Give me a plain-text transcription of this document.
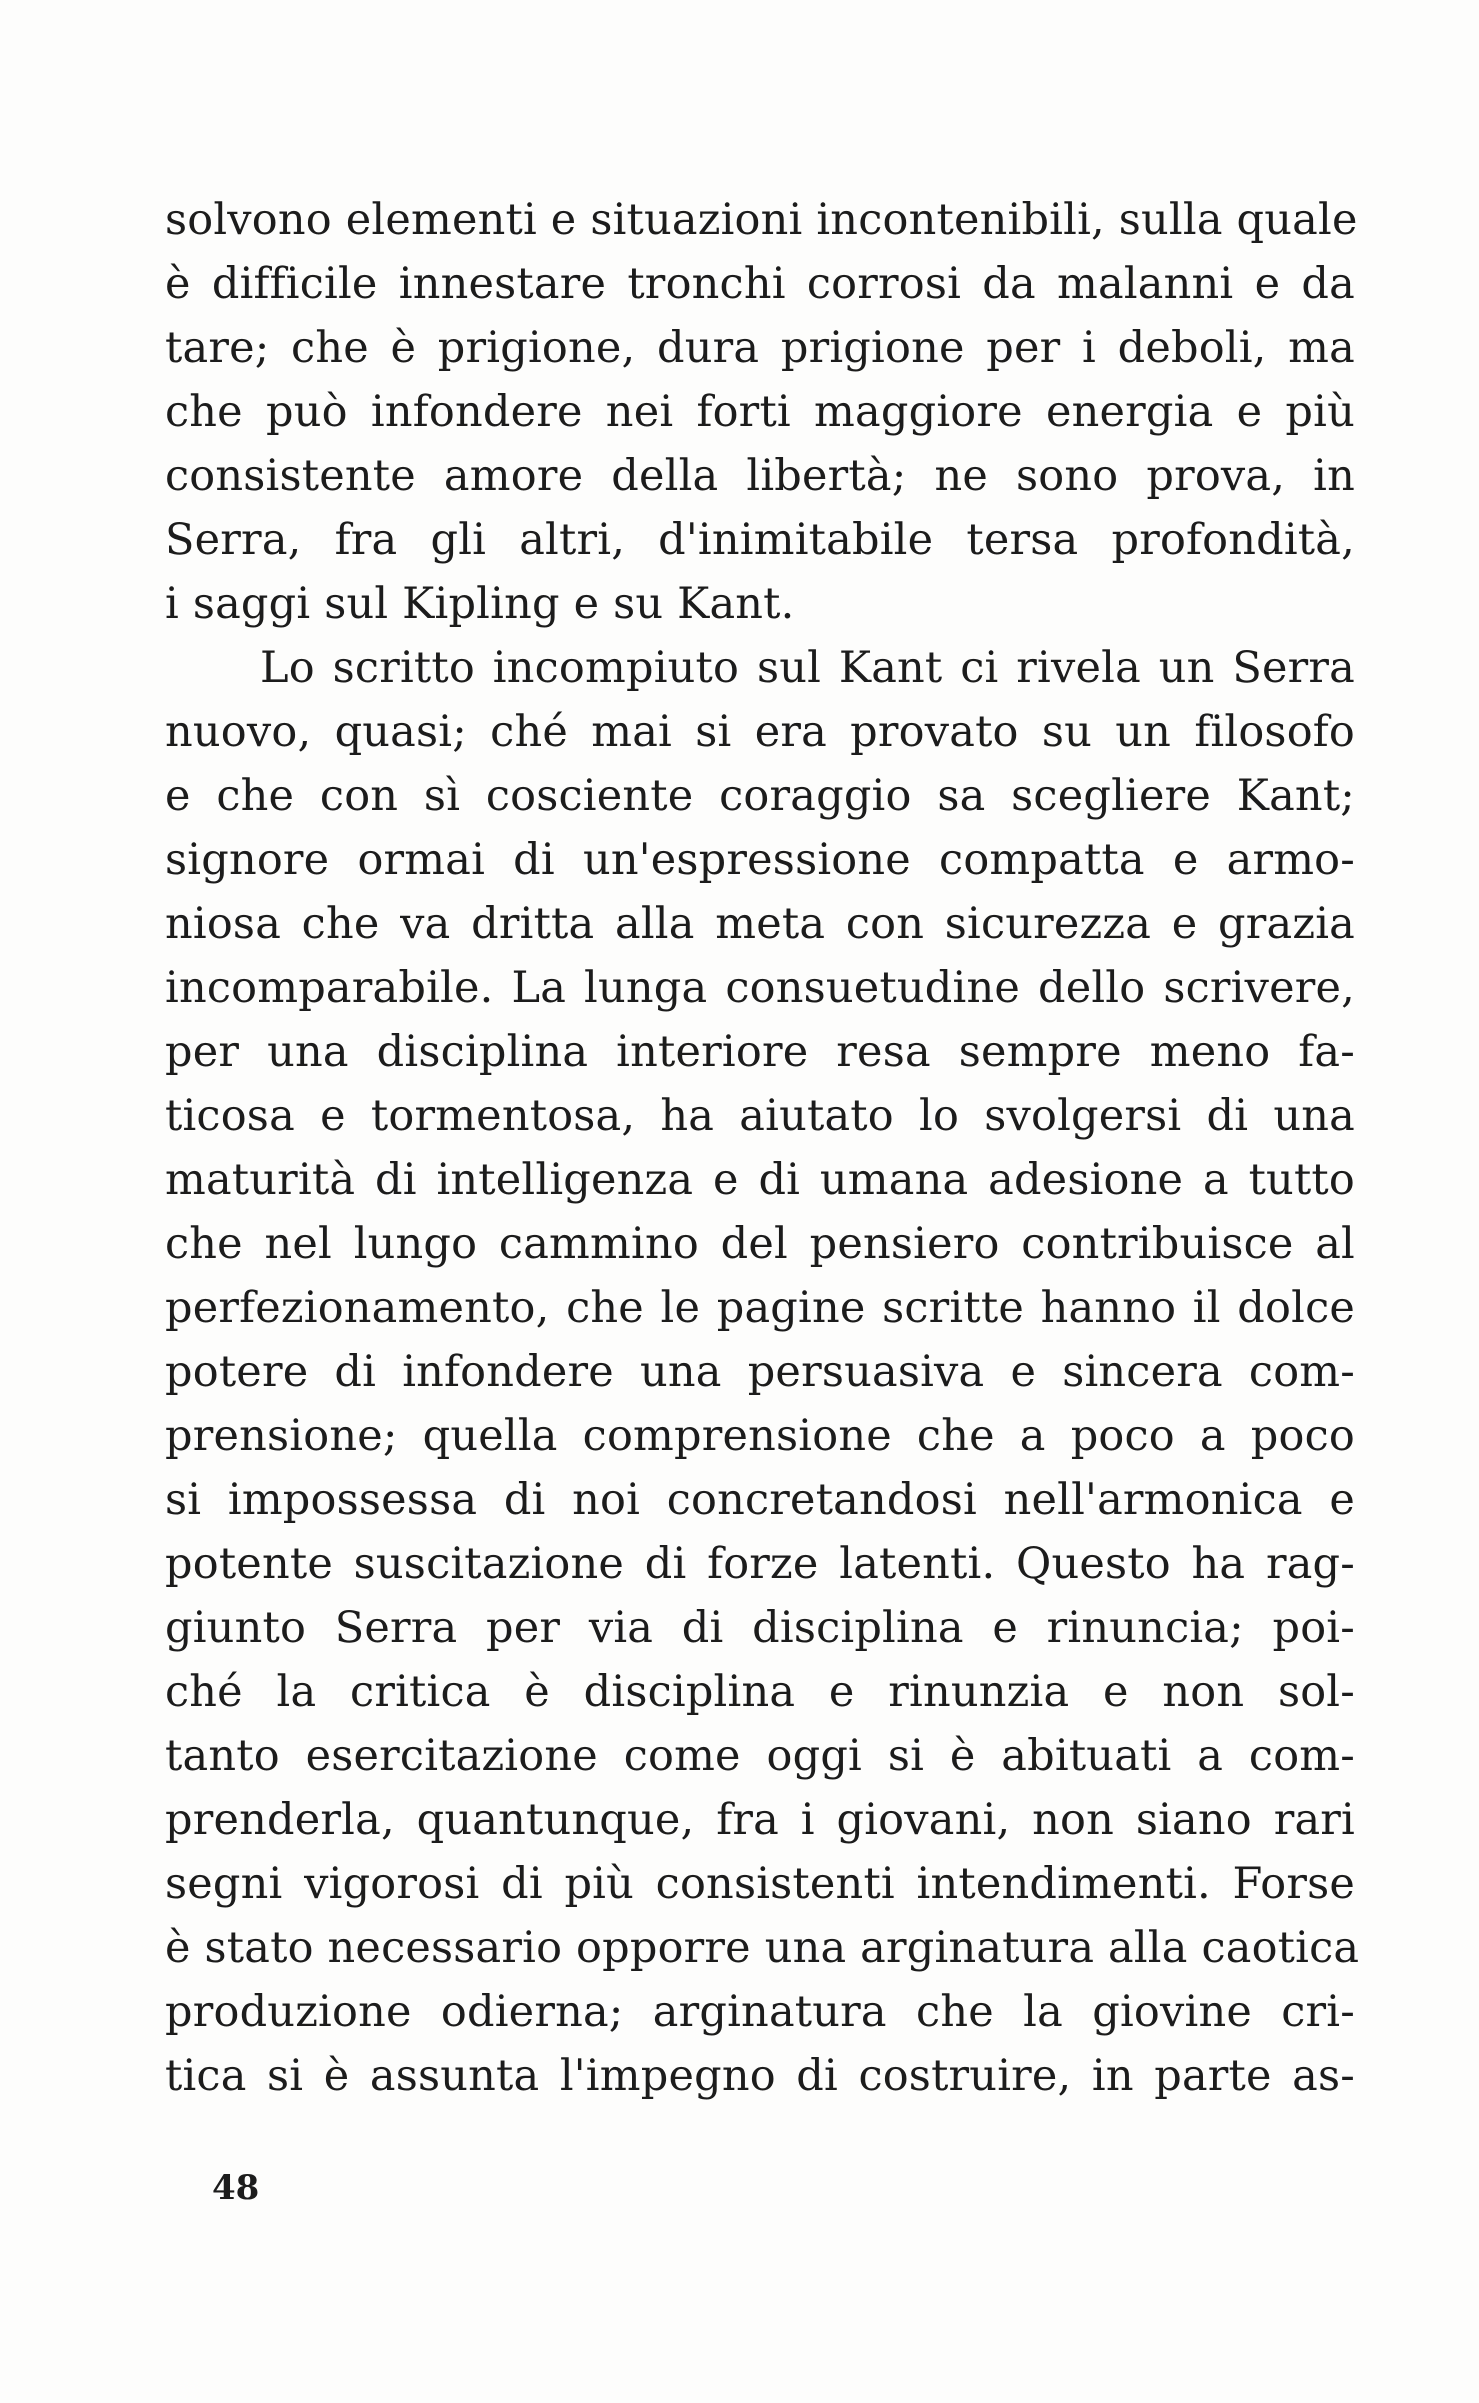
solvono elementi e situazioni incontenibili, sulla quale
è difficile innestare tronchi corrosi da malanni e da
tare; che è prigione, dura prigione per i deboli, ma
che può infondere nei forti maggiore energia e più
consistente amore della libertà; ne sono prova, in
Serra, fra gli altri, d'inimitabile tersa profondità,
i saggi sul Kipling e su Kant.
Lo scritto incompiuto sul Kant ci rivela un Serra
nuovo, quasi; ché mai si era provato su un filosofo
e che con sì cosciente coraggio sa scegliere Kant;
signore ormai di un'espressione compatta e armo-
niosa che va dritta alla meta con sicurezza e grazia
incomparabile. La lunga consuetudine dello scrivere,
per una disciplina interiore resa sempre meno fa-
ticosa e tormentosa, ha aiutato lo svolgersi di una
maturità di intelligenza e di umana adesione a tutto
che nel lungo cammino del pensiero contribuisce al
perfezionamento, che le pagine scritte hanno il dolce
potere di infondere una persuasiva e sincera com-
prensione; quella comprensione che a poco a poco
si impossessa di noi concretandosi nell'armonica e
potente suscitazione di forze latenti. Questo ha rag-
giunto Serra per via di disciplina e rinuncia; poi-
ché la critica è disciplina e rinunzia e non sol-
tanto esercitazione come oggi si è abituati a com-
prenderla, quantunque, fra i giovani, non siano rari
segni vigorosi di più consistenti intendimenti. Forse
è stato necessario opporre una arginatura alla caotica
produzione odierna; arginatura che la giovine cri-
tica si è assunta l'impegno di costruire, in parte as-
48
